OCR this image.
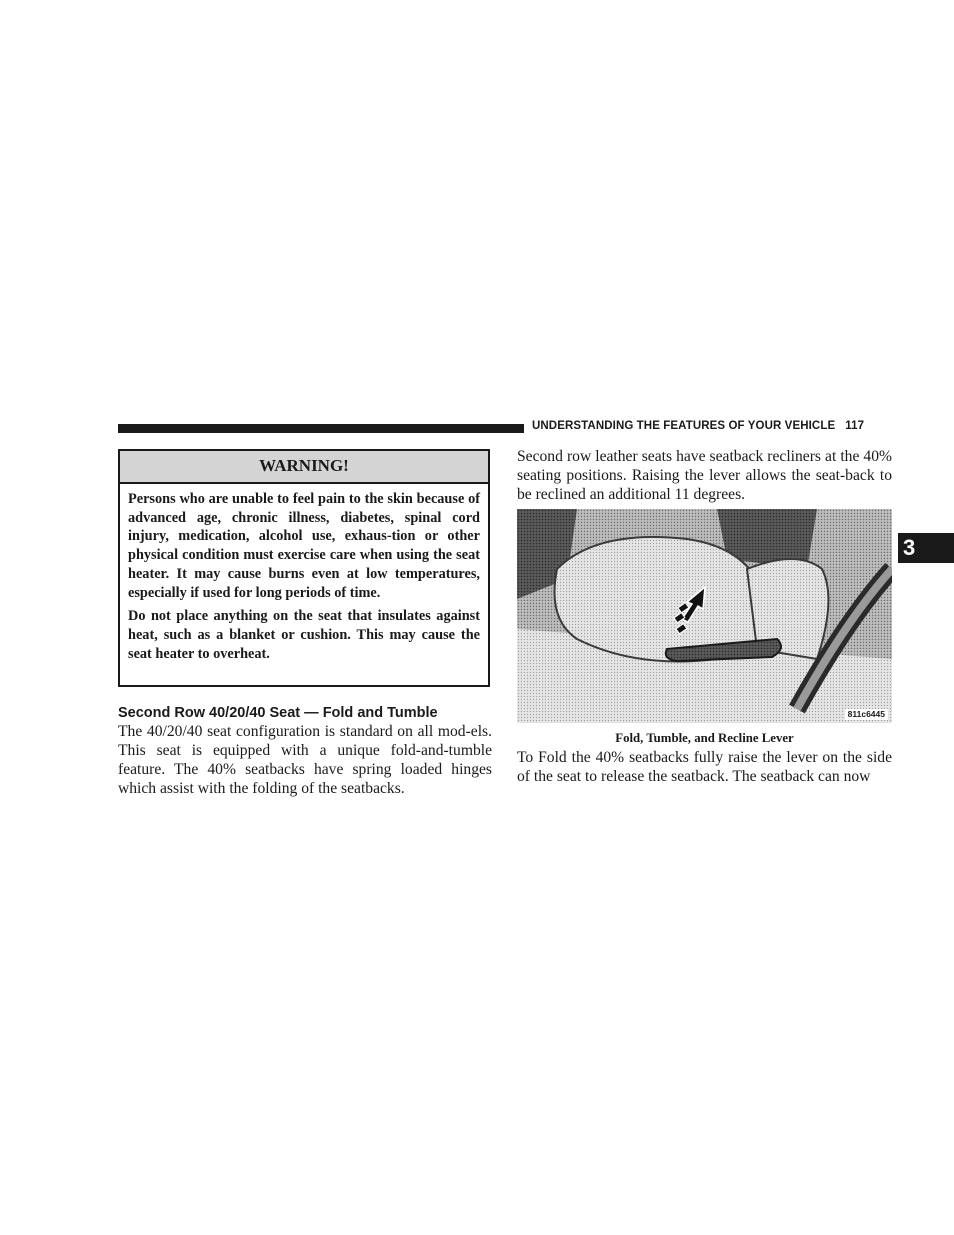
UNDERSTANDING THE FEATURES OF YOUR VEHICLE 117
3
WARNING!

Persons who are unable to feel pain to the skin because of advanced age, chronic illness, diabetes, spinal cord injury, medication, alcohol use, exhaus-tion or other physical condition must exercise care when using the seat heater. It may cause burns even at low temperatures, especially if used for long periods of time.

Do not place anything on the seat that insulates against heat, such as a blanket or cushion. This may cause the seat heater to overheat.

Second Row 40/20/40 Seat — Fold and Tumble

The 40/20/40 seat configuration is standard on all mod-els. This seat is equipped with a unique fold-and-tumble feature. The 40% seatbacks have spring loaded hinges which assist with the folding of the seatbacks.

Second row leather seats have seatback recliners at the 40% seating positions. Raising the lever allows the seat-back to be reclined an additional 11 degrees.

811c6445
Fold, Tumble, and Recline Lever

To Fold the 40% seatbacks fully raise the lever on the side of the seat to release the seatback. The seatback can now
